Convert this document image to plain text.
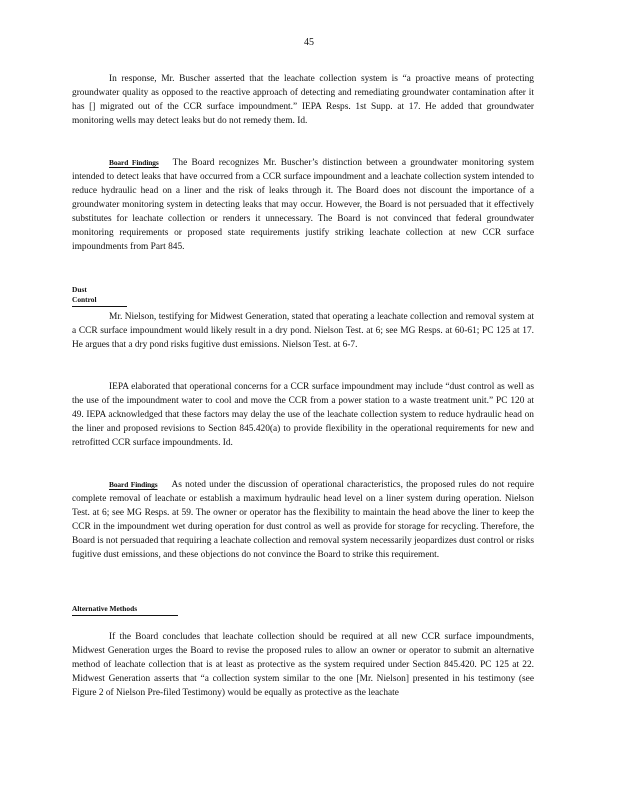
45

In response, Mr. Buscher asserted that the leachate collection system is “a proactive means of protecting groundwater quality as opposed to the reactive approach of detecting and remediating groundwater contamination after it has [] migrated out of the CCR surface impoundment.” IEPA Resps. 1st Supp. at 17. He added that groundwater monitoring wells may detect leaks but do not remedy them. Id.

Board Findings The Board recognizes Mr. Buscher’s distinction between a groundwater monitoring system intended to detect leaks that have occurred from a CCR surface impoundment and a leachate collection system intended to reduce hydraulic head on a liner and the risk of leaks through it. The Board does not discount the importance of a groundwater monitoring system in detecting leaks that may occur. However, the Board is not persuaded that it effectively substitutes for leachate collection or renders it unnecessary. The Board is not convinced that federal groundwater monitoring requirements or proposed state requirements justify striking leachate collection at new CCR surface impoundments from Part 845.

Dust Control

Mr. Nielson, testifying for Midwest Generation, stated that operating a leachate collection and removal system at a CCR surface impoundment would likely result in a dry pond. Nielson Test. at 6; see MG Resps. at 60-61; PC 125 at 17. He argues that a dry pond risks fugitive dust emissions. Nielson Test. at 6-7.

IEPA elaborated that operational concerns for a CCR surface impoundment may include “dust control as well as the use of the impoundment water to cool and move the CCR from a power station to a waste treatment unit.” PC 120 at 49. IEPA acknowledged that these factors may delay the use of the leachate collection system to reduce hydraulic head on the liner and proposed revisions to Section 845.420(a) to provide flexibility in the operational requirements for new and retrofitted CCR surface impoundments. Id.

Board Findings As noted under the discussion of operational characteristics, the proposed rules do not require complete removal of leachate or establish a maximum hydraulic head level on a liner system during operation. Nielson Test. at 6; see MG Resps. at 59. The owner or operator has the flexibility to maintain the head above the liner to keep the CCR in the impoundment wet during operation for dust control as well as provide for storage for recycling. Therefore, the Board is not persuaded that requiring a leachate collection and removal system necessarily jeopardizes dust control or risks fugitive dust emissions, and these objections do not convince the Board to strike this requirement.

Alternative Methods

If the Board concludes that leachate collection should be required at all new CCR surface impoundments, Midwest Generation urges the Board to revise the proposed rules to allow an owner or operator to submit an alternative method of leachate collection that is at least as protective as the system required under Section 845.420. PC 125 at 22. Midwest Generation asserts that “a collection system similar to the one [Mr. Nielson] presented in his testimony (see Figure 2 of Nielson Pre-filed Testimony) would be equally as protective as the leachate
